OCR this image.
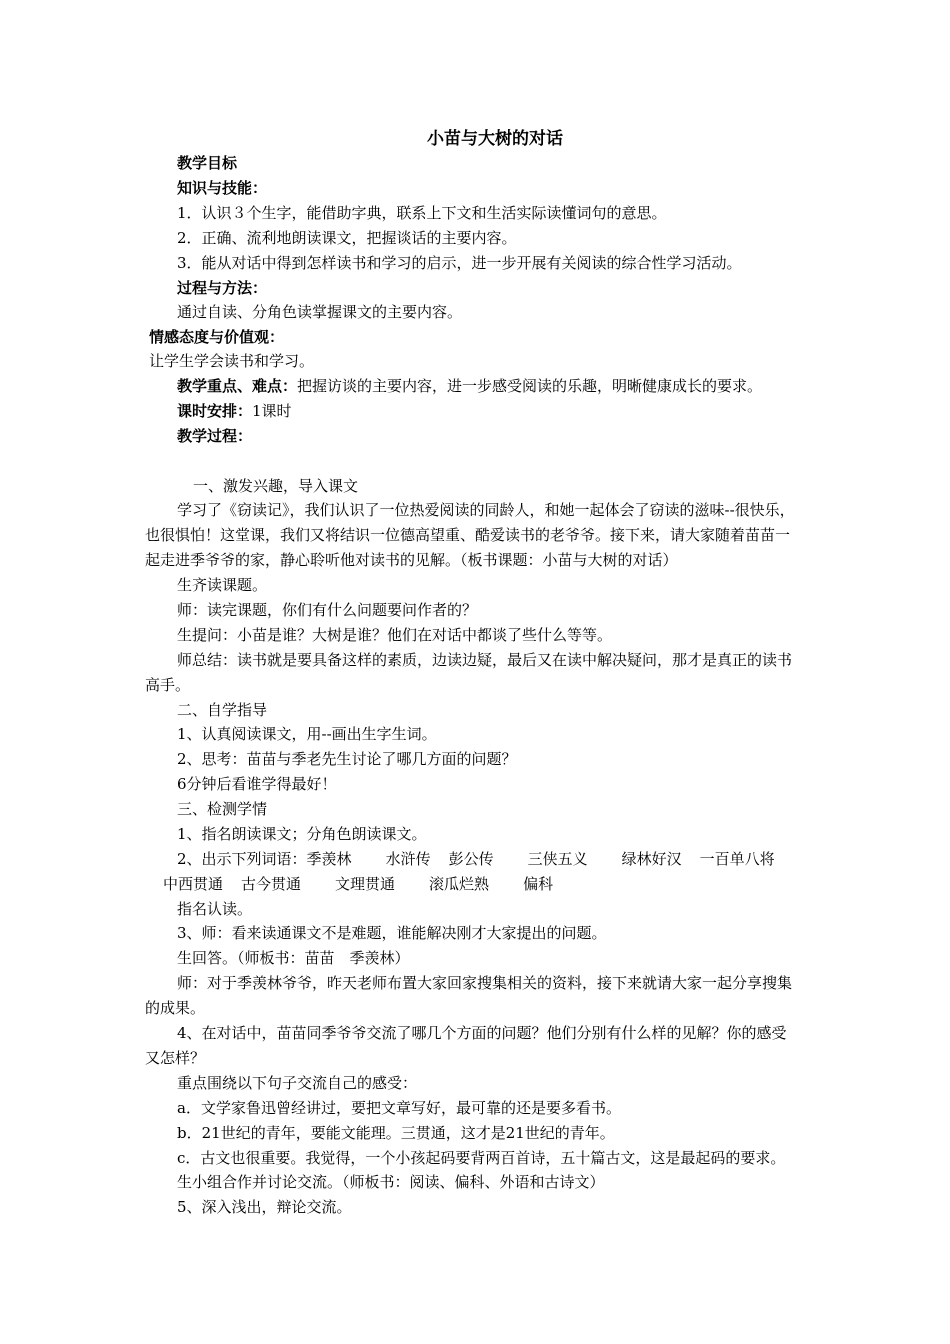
小苗与大树的对话
教学目标
知识与技能：
1．认识３个生字，能借助字典，联系上下文和生活实际读懂词句的意思。
2．正确、流利地朗读课文，把握谈话的主要内容。
3．能从对话中得到怎样读书和学习的启示，进一步开展有关阅读的综合性学习活动。
过程与方法：
通过自读、分角色读掌握课文的主要内容。
情感态度与价值观：
让学生学会读书和学习。
教学重点、难点：把握访谈的主要内容，进一步感受阅读的乐趣，明晰健康成长的要求。
课时安排：1课时
教学过程：
一、激发兴趣，导入课文
学习了《窃读记》，我们认识了一位热爱阅读的同龄人，和她一起体会了窃读的滋味--很快乐，
也很惧怕！这堂课，我们又将结识一位德高望重、酷爱读书的老爷爷。接下来，请大家随着苗苗一
起走进季爷爷的家，静心聆听他对读书的见解。（板书课题：小苗与大树的对话）
生齐读课题。
师：读完课题，你们有什么问题要问作者的？
生提问：小苗是谁？大树是谁？他们在对话中都谈了些什么等等。
师总结：读书就是要具备这样的素质，边读边疑，最后又在读中解决疑问，那才是真正的读书
高手。
二、自学指导
1、认真阅读课文，用--画出生字生词。
2、思考：苗苗与季老先生讨论了哪几方面的问题？
6分钟后看谁学得最好！
三、检测学情
1、指名朗读课文；分角色朗读课文。
2、出示下列词语：季羡林 水浒传 彭公传 三侠五义 绿林好汉 一百单八将
中西贯通 古今贯通 文理贯通 滚瓜烂熟 偏科
指名认读。
3、师：看来读通课文不是难题，谁能解决刚才大家提出的问题。
生回答。（师板书：苗苗　季羡林）
师：对于季羡林爷爷，昨天老师布置大家回家搜集相关的资料，接下来就请大家一起分享搜集
的成果。
4、在对话中，苗苗同季爷爷交流了哪几个方面的问题？他们分别有什么样的见解？你的感受
又怎样？
重点围绕以下句子交流自己的感受：
a．文学家鲁迅曾经讲过，要把文章写好，最可靠的还是要多看书。
b．21世纪的青年，要能文能理。三贯通，这才是21世纪的青年。
c．古文也很重要。我觉得，一个小孩起码要背两百首诗，五十篇古文，这是最起码的要求。
生小组合作并讨论交流。（师板书：阅读、偏科、外语和古诗文）
5、深入浅出，辩论交流。
